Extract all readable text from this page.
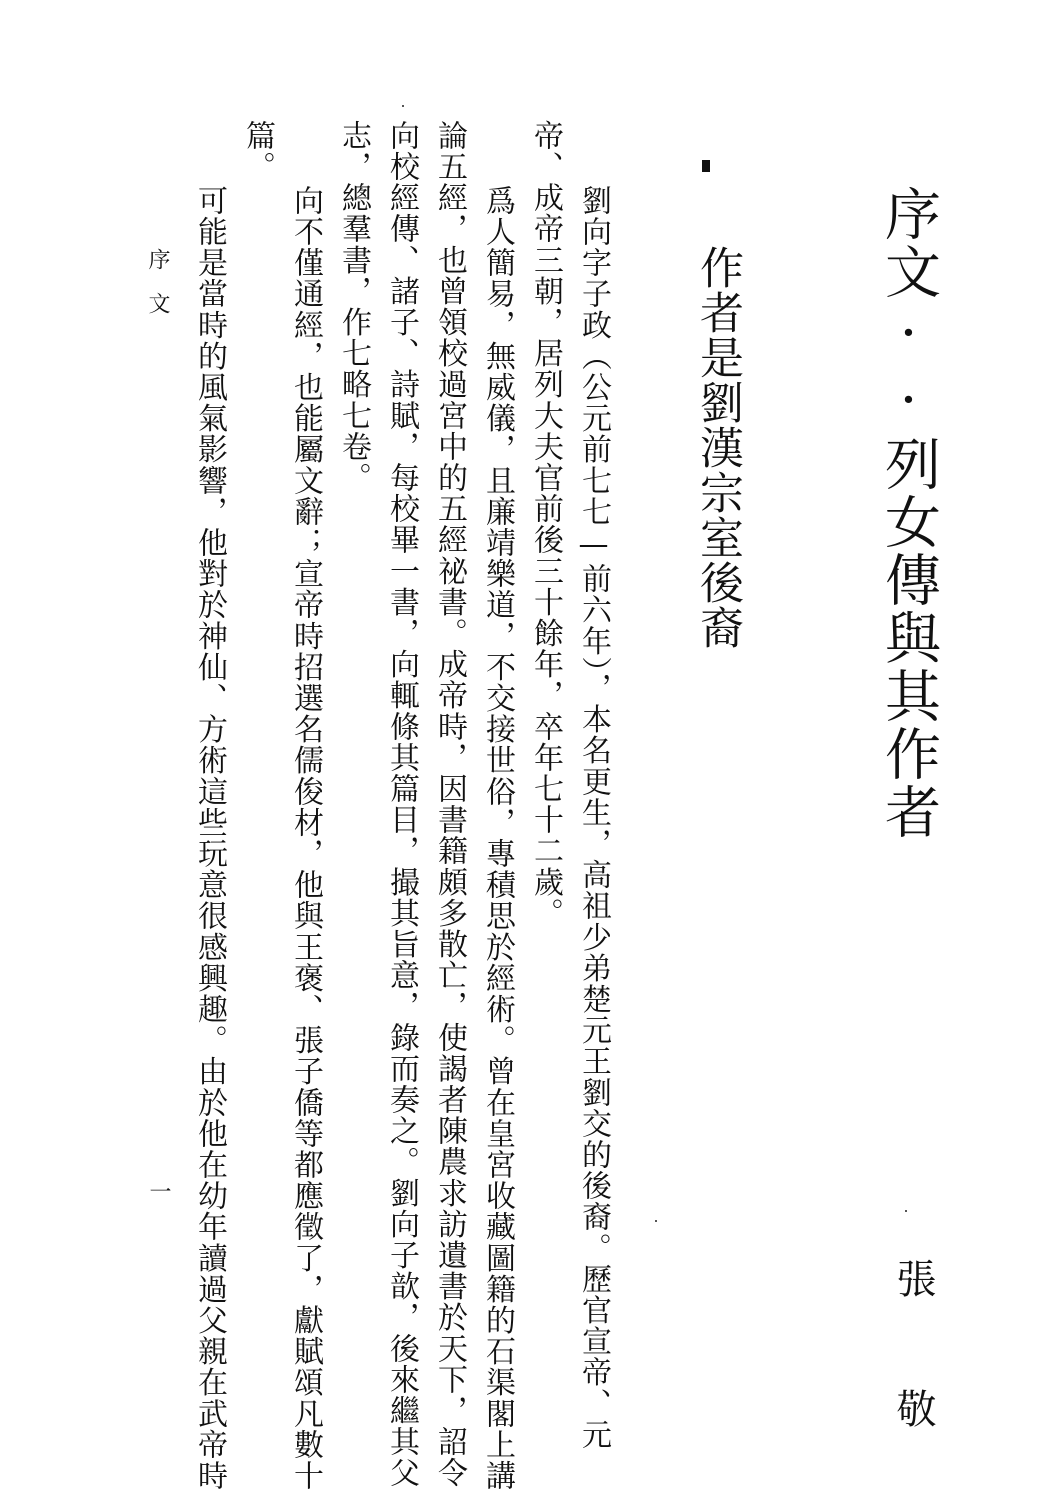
序文··列女傳與其作者
張 敬
作者是劉漢宗室後裔
劉向字子政（公元前七七—前六年），本名更生，高祖少弟楚元王劉交的後裔。歷官宣帝、元
帝、成帝三朝，居列大夫官前後三十餘年，卒年七十二歲。
爲人簡易，無威儀，且廉靖樂道，不交接世俗，專積思於經術。曾在皇宮收藏圖籍的石渠閣上講
論五經，也曾領校過宮中的五經祕書。成帝時，因書籍頗多散亡，使謁者陳農求訪遺書於天下，詔令
向校經傳、諸子、詩賦，每校畢一書，向輒條其篇目，撮其旨意，錄而奏之。劉向子歆，後來繼其父
志，總羣書，作七略七卷。
向不僅通經，也能屬文辭；宣帝時招選名儒俊材，他與王褒、張子僑等都應徵了，獻賦頌凡數十
篇。
可能是當時的風氣影響，他對於神仙、方術這些玩意很感興趣。由於他在幼年讀過父親在武帝時
序文
一
